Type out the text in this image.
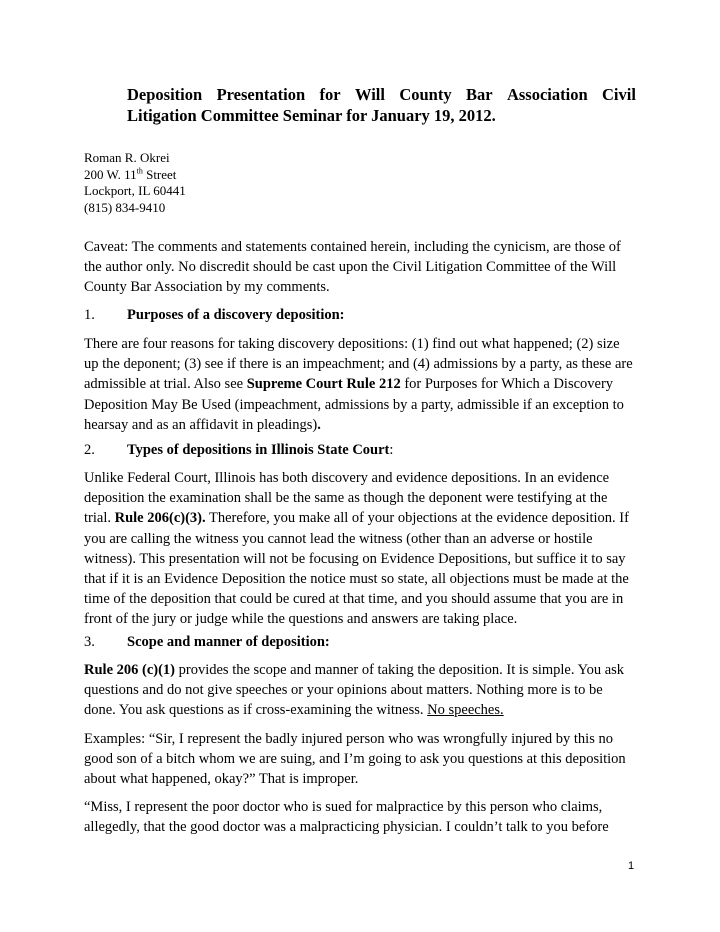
Deposition Presentation for Will County Bar Association Civil
Litigation Committee Seminar for January 19, 2012.
Roman R. Okrei
200 W. 11th Street
Lockport, IL 60441
(815) 834-9410

Caveat: The comments and statements contained herein, including the cynicism, are those of the author only. No discredit should be cast upon the Civil Litigation Committee of the Will County Bar Association by my comments.

1. Purposes of a discovery deposition:

There are four reasons for taking discovery depositions: (1) find out what happened; (2) size up the deponent; (3) see if there is an impeachment; and (4) admissions by a party, as these are admissible at trial. Also see Supreme Court Rule 212 for Purposes for Which a Discovery Deposition May Be Used (impeachment, admissions by a party, admissible if an exception to hearsay and as an affidavit in pleadings).

2. Types of depositions in Illinois State Court:

Unlike Federal Court, Illinois has both discovery and evidence depositions. In an evidence deposition the examination shall be the same as though the deponent were testifying at the trial. Rule 206(c)(3). Therefore, you make all of your objections at the evidence deposition. If you are calling the witness you cannot lead the witness (other than an adverse or hostile witness). This presentation will not be focusing on Evidence Depositions, but suffice it to say that if it is an Evidence Deposition the notice must so state, all objections must be made at the time of the deposition that could be cured at that time, and you should assume that you are in front of the jury or judge while the questions and answers are taking place.

3. Scope and manner of deposition:

Rule 206 (c)(1) provides the scope and manner of taking the deposition. It is simple. You ask questions and do not give speeches or your opinions about matters. Nothing more is to be done. You ask questions as if cross-examining the witness. No speeches.

Examples: “Sir, I represent the badly injured person who was wrongfully injured by this no good son of a bitch whom we are suing, and I’m going to ask you questions at this deposition about what happened, okay?” That is improper.

“Miss, I represent the poor doctor who is sued for malpractice by this person who claims, allegedly, that the good doctor was a malpracticing physician. I couldn’t talk to you before

1
